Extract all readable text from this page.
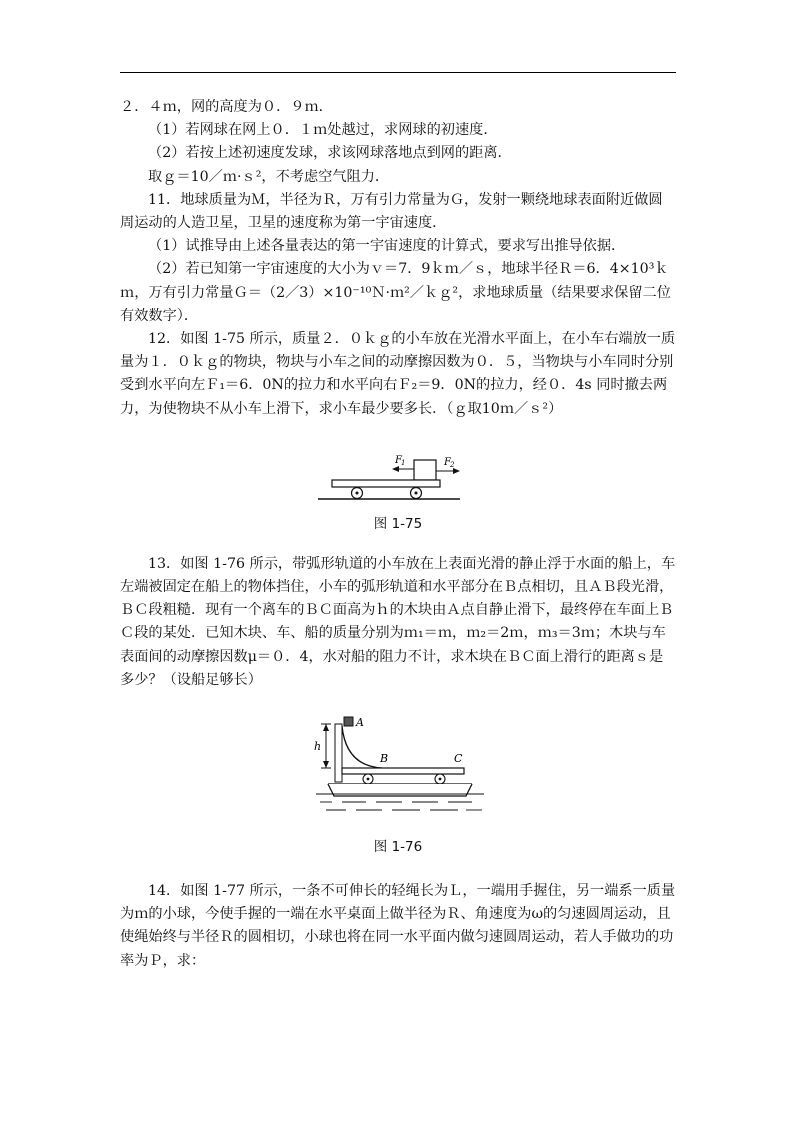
２．４ｍ，网的高度为０．９ｍ．

（1）若网球在网上０．１ｍ处越过，求网球的初速度．

（2）若按上述初速度发球，求该网球落地点到网的距离．

取ｇ＝10／ｍ·ｓ²，不考虑空气阻力．

11．地球质量为Ｍ，半径为Ｒ，万有引力常量为Ｇ，发射一颗绕地球表面附近做圆周运动的人造卫星，卫星的速度称为第一宇宙速度．

（1）试推导由上述各量表达的第一宇宙速度的计算式，要求写出推导依据．

（2）若已知第一宇宙速度的大小为ｖ＝7．9ｋｍ／ｓ，地球半径Ｒ＝6．4×10³ｋｍ，万有引力常量Ｇ＝（2／3）×10⁻¹⁰Ｎ·ｍ²／ｋｇ²，求地球质量（结果要求保留二位有效数字）．

12．如图 1-75 所示，质量２．０ｋｇ的小车放在光滑水平面上，在小车右端放一质量为１．０ｋｇ的物块，物块与小车之间的动摩擦因数为０．５，当物块与小车同时分别受到水平向左Ｆ₁＝6．0N的拉力和水平向右Ｆ₂＝9．0N的拉力，经０．4s 同时撤去两力，为使物块不从小车上滑下，求小车最少要多长．（ｇ取10ｍ／ｓ²）

F 1	F 2
图 1-75

13．如图 1-76 所示，带弧形轨道的小车放在上表面光滑的静止浮于水面的船上，车左端被固定在船上的物体挡住，小车的弧形轨道和水平部分在Ｂ点相切，且ＡＢ段光滑，ＢＣ段粗糙．现有一个离车的ＢＣ面高为ｈ的木块由Ａ点自静止滑下，最终停在车面上ＢＣ段的某处．已知木块、车、船的质量分别为ｍ₁＝ｍ，ｍ₂＝2ｍ，ｍ₃＝3ｍ；木块与车表面间的动摩擦因数μ＝０．4，水对船的阻力不计，求木块在ＢＣ面上滑行的距离ｓ是多少？（设船足够长）

h
A
B	C
图 1-76

14．如图 1-77 所示，一条不可伸长的轻绳长为Ｌ，一端用手握住，另一端系一质量为ｍ的小球，今使手握的一端在水平桌面上做半径为Ｒ、角速度为ω的匀速圆周运动，且使绳始终与半径Ｒ的圆相切，小球也将在同一水平面内做匀速圆周运动，若人手做功的功率为Ｐ，求：
